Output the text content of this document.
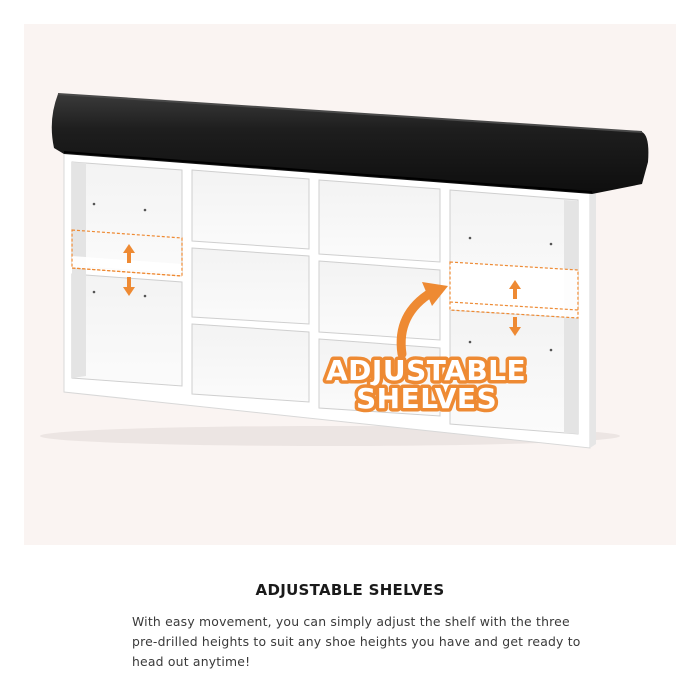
ADJUSTABLE
SHELVES
ADJUSTABLE SHELVES

With easy movement, you can simply adjust the shelf with the three pre-drilled heights to suit any shoe heights you have and get ready to head out anytime!
